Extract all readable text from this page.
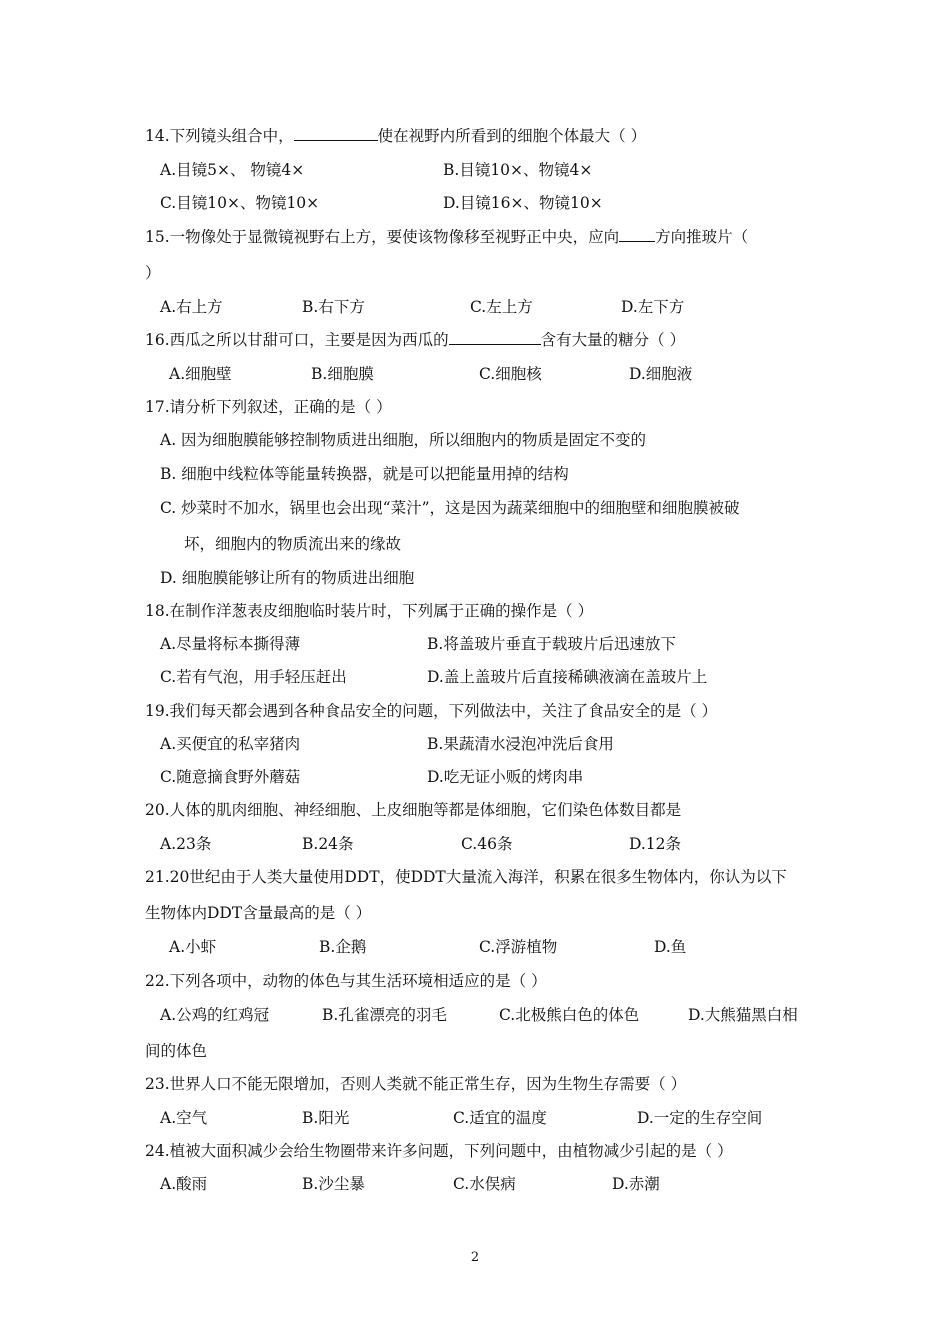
14.下列镜头组合中，	使在视野内所看到的细胞个体最大（ ）
A.目镜5×、 物镜4×	B.目镜10×、物镜4×
C.目镜10×、物镜10×	D.目镜16×、物镜10×
15.一物像处于显微镜视野右上方，要使该物像移至视野正中央，应向 方向推玻片（
）
A.右上方	B.右下方	C.左上方	D.左下方
16.西瓜之所以甘甜可口，主要是因为西瓜的	含有大量的糖分（ ）
A.细胞壁	B.细胞膜	C.细胞核	D.细胞液
17.请分析下列叙述，正确的是（ ）
A. 因为细胞膜能够控制物质进出细胞，所以细胞内的物质是固定不变的
B. 细胞中线粒体等能量转换器，就是可以把能量用掉的结构
C. 炒菜时不加水，锅里也会出现“菜汁”，这是因为蔬菜细胞中的细胞壁和细胞膜被破
坏，细胞内的物质流出来的缘故
D. 细胞膜能够让所有的物质进出细胞
18.在制作洋葱表皮细胞临时装片时，下列属于正确的操作是（ ）
A.尽量将标本撕得薄	B.将盖玻片垂直于载玻片后迅速放下
C.若有气泡，用手轻压赶出	D.盖上盖玻片后直接稀碘液滴在盖玻片上
19.我们每天都会遇到各种食品安全的问题，下列做法中，关注了食品安全的是（ ）
A.买便宜的私宰猪肉	B.果蔬清水浸泡冲洗后食用
C.随意摘食野外蘑菇	D.吃无证小贩的烤肉串
20.人体的肌肉细胞、神经细胞、上皮细胞等都是体细胞，它们染色体数目都是
A.23条	B.24条	C.46条	D.12条
21.20世纪由于人类大量使用DDT，使DDT大量流入海洋，积累在很多生物体内，你认为以下
生物体内DDT含量最高的是（ ）
A.小虾	B.企鹅	C.浮游植物	D.鱼
22.下列各项中，动物的体色与其生活环境相适应的是（ ）
A.公鸡的红鸡冠	B.孔雀漂亮的羽毛	C.北极熊白色的体色	D.大熊猫黑白相
间的体色
23.世界人口不能无限增加，否则人类就不能正常生存，因为生物生存需要（ ）
A.空气	B.阳光	C.适宜的温度	D.一定的生存空间
24.植被大面积减少会给生物圈带来许多问题，下列问题中，由植物减少引起的是（ ）
A.酸雨	B.沙尘暴	C.水俣病	D.赤潮
2
